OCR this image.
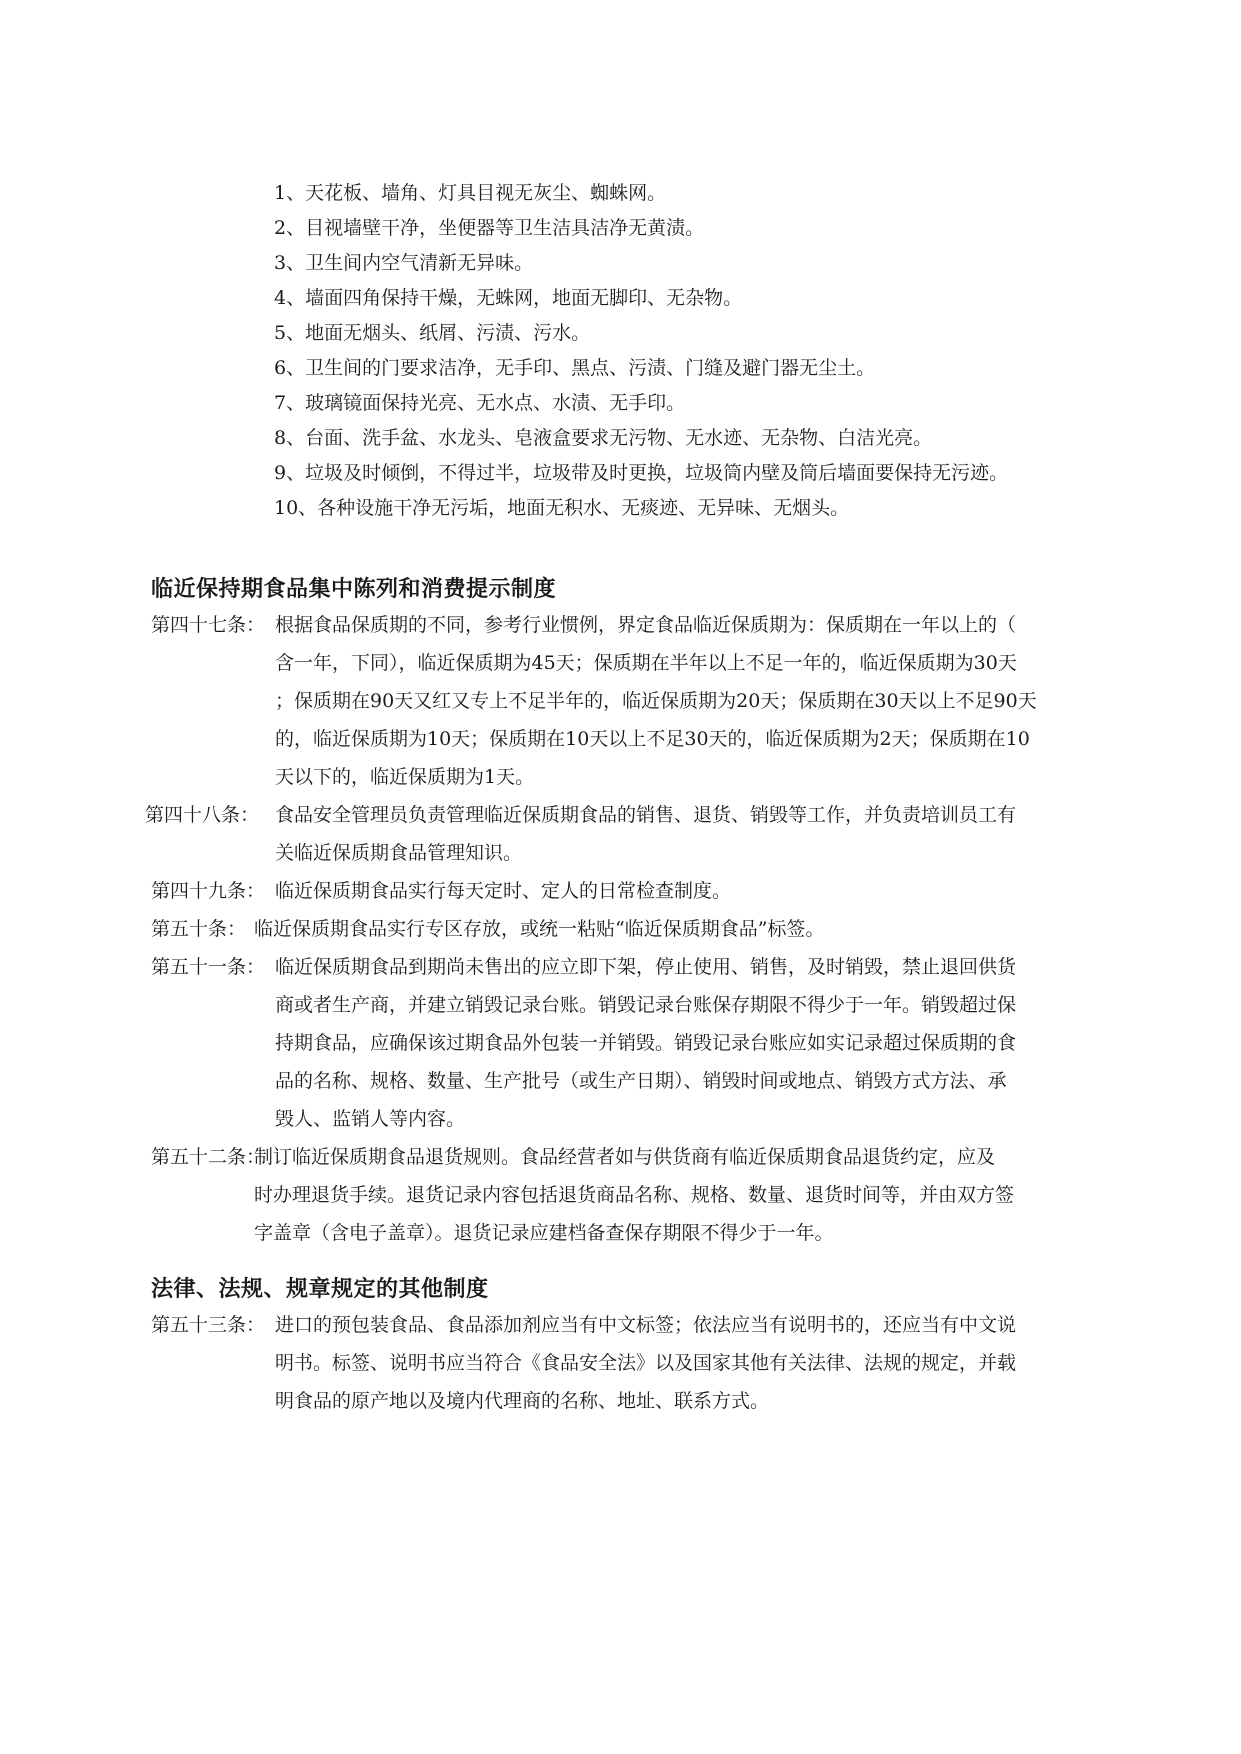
1、天花板、墙角、灯具目视无灰尘、蜘蛛网。
2、目视墙壁干净，坐便器等卫生洁具洁净无黄渍。
3、卫生间内空气清新无异味。
4、墙面四角保持干燥，无蛛网，地面无脚印、无杂物。
5、地面无烟头、纸屑、污渍、污水。
6、卫生间的门要求洁净，无手印、黑点、污渍、门缝及避门器无尘土。
7、玻璃镜面保持光亮、无水点、水渍、无手印。
8、台面、洗手盆、水龙头、皂液盒要求无污物、无水迹、无杂物、白洁光亮。
9、垃圾及时倾倒，不得过半，垃圾带及时更换，垃圾筒内壁及筒后墙面要保持无污迹。
10、各种设施干净无污垢，地面无积水、无痰迹、无异味、无烟头。
临近保持期食品集中陈列和消费提示制度
第四十七条： 根据食品保质期的不同，参考行业惯例，界定食品临近保质期为：保质期在一年以上的（
含一年，下同），临近保质期为45天；保质期在半年以上不足一年的，临近保质期为30天
；保质期在90天又红又专上不足半年的，临近保质期为20天；保质期在30天以上不足90天
的，临近保质期为10天；保质期在10天以上不足30天的，临近保质期为2天；保质期在10
天以下的，临近保质期为1天。
第四十八条： 食品安全管理员负责管理临近保质期食品的销售、退货、销毁等工作，并负责培训员工有
关临近保质期食品管理知识。
第四十九条： 临近保质期食品实行每天定时、定人的日常检查制度。
第五十条： 临近保质期食品实行专区存放，或统一粘贴“临近保质期食品”标签。
第五十一条： 临近保质期食品到期尚未售出的应立即下架，停止使用、销售，及时销毁，禁止退回供货
商或者生产商，并建立销毁记录台账。销毁记录台账保存期限不得少于一年。销毁超过保
持期食品，应确保该过期食品外包装一并销毁。销毁记录台账应如实记录超过保质期的食
品的名称、规格、数量、生产批号（或生产日期）、销毁时间或地点、销毁方式方法、承
毁人、监销人等内容。
第五十二条：
制订临近保质期食品退货规则。食品经营者如与供货商有临近保质期食品退货约定，应及
时办理退货手续。退货记录内容包括退货商品名称、规格、数量、退货时间等，并由双方签
字盖章（含电子盖章）。退货记录应建档备查保存期限不得少于一年。
法律、法规、规章规定的其他制度
第五十三条： 进口的预包装食品、食品添加剂应当有中文标签；依法应当有说明书的，还应当有中文说
明书。标签、说明书应当符合《食品安全法》以及国家其他有关法律、法规的规定，并载
明食品的原产地以及境内代理商的名称、地址、联系方式。
